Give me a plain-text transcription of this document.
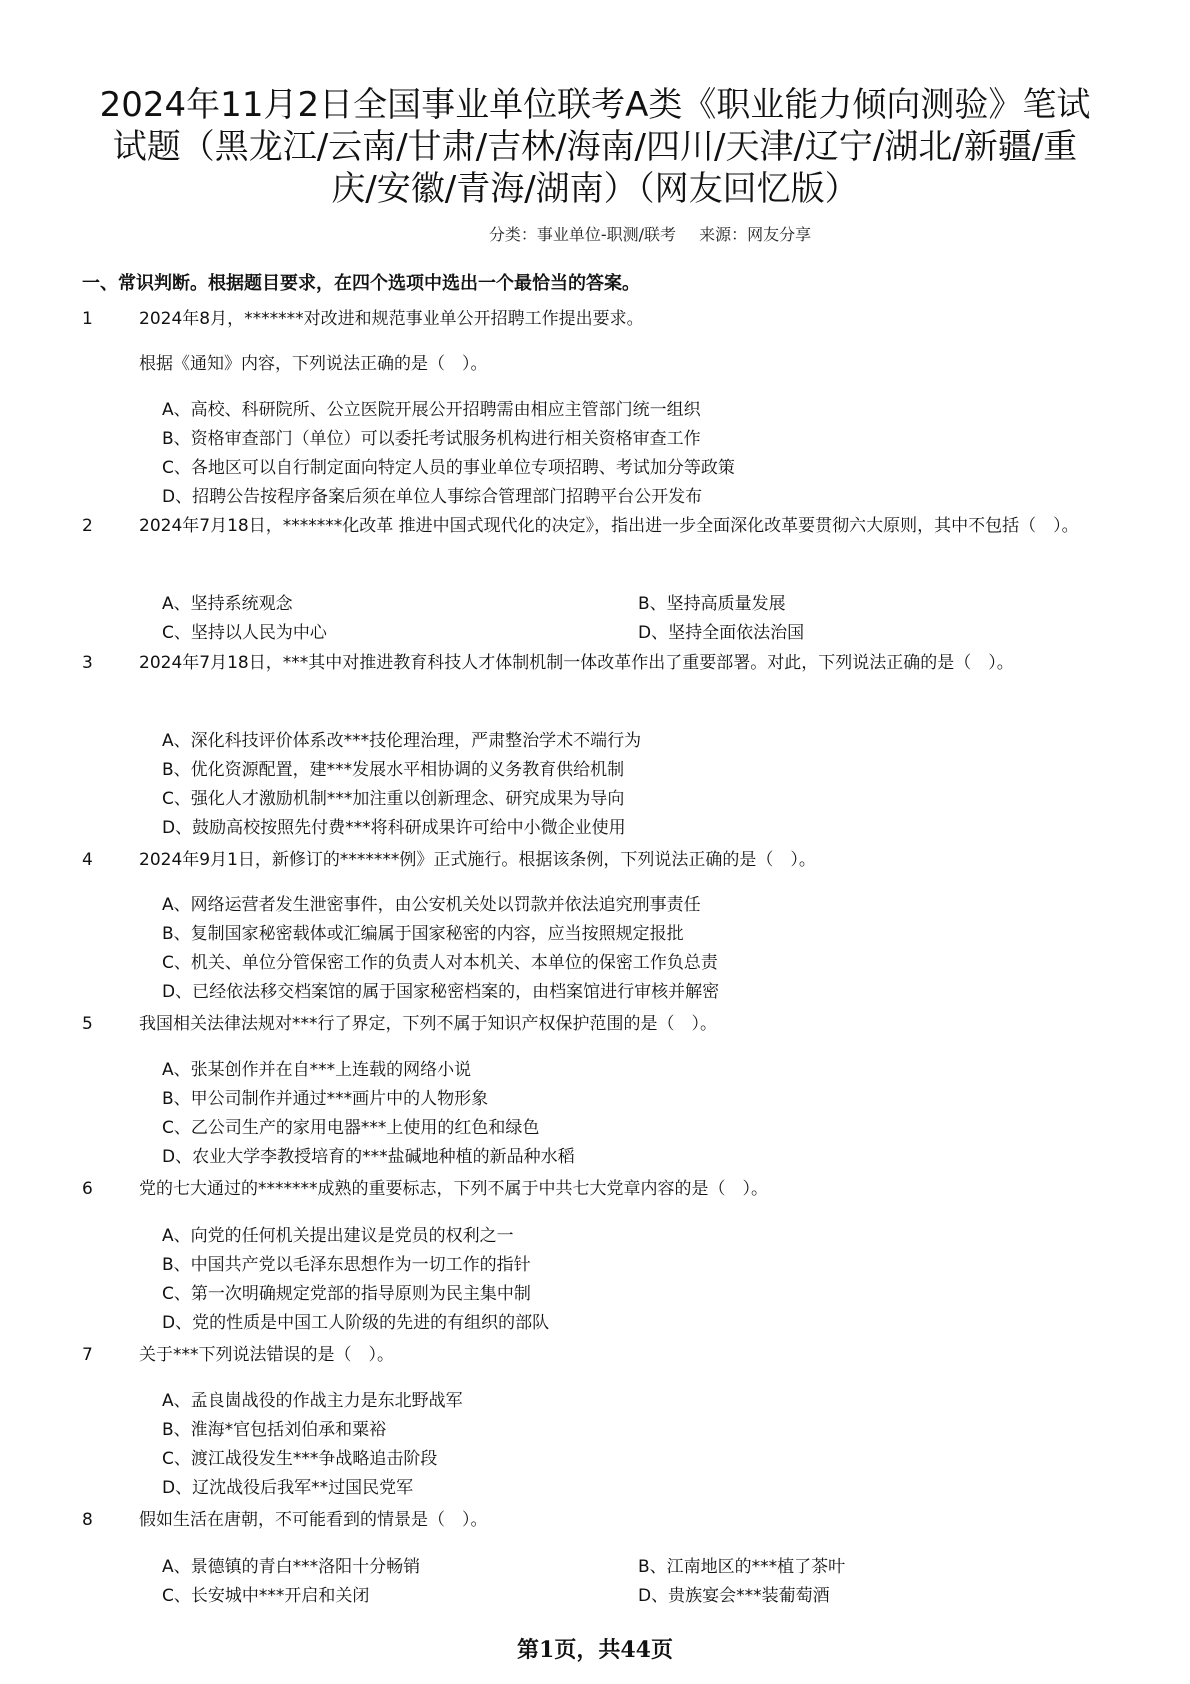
2024年11月2日全国事业单位联考A类《职业能力倾向测验》笔试
试题（黑龙江/云南/甘肃/吉林/海南/四川/天津/辽宁/湖北/新疆/重
庆/安徽/青海/湖南）（网友回忆版）
分类：事业单位-职测/联考 来源：网友分享
一、常识判断。根据题目要求，在四个选项中选出一个最恰当的答案。
1	2024年8月，*******对改进和规范事业单公开招聘工作提出要求。
根据《通知》内容，下列说法正确的是（　）。
A、高校、科研院所、公立医院开展公开招聘需由相应主管部门统一组织
B、资格审查部门（单位）可以委托考试服务机构进行相关资格审查工作
C、各地区可以自行制定面向特定人员的事业单位专项招聘、考试加分等政策
D、招聘公告按程序备案后须在单位人事综合管理部门招聘平台公开发布
2	2024年7月18日，*******化改革 推进中国式现代化的决定》，指出进一步全面深化改革要贯彻六大原则，其中不包括（　）。
A、坚持系统观念	B、坚持高质量发展
C、坚持以人民为中心	D、坚持全面依法治国
3	2024年7月18日，***其中对推进教育科技人才体制机制一体改革作出了重要部署。对此，下列说法正确的是（　）。
A、深化科技评价体系改***技伦理治理，严肃整治学术不端行为
B、优化资源配置，建***发展水平相协调的义务教育供给机制
C、强化人才激励机制***加注重以创新理念、研究成果为导向
D、鼓励高校按照先付费***将科研成果许可给中小微企业使用
4	2024年9月1日，新修订的*******例》正式施行。根据该条例，下列说法正确的是（　）。
A、网络运营者发生泄密事件，由公安机关处以罚款并依法追究刑事责任
B、复制国家秘密载体或汇编属于国家秘密的内容，应当按照规定报批
C、机关、单位分管保密工作的负责人对本机关、本单位的保密工作负总责
D、已经依法移交档案馆的属于国家秘密档案的，由档案馆进行审核并解密
5	我国相关法律法规对***行了界定，下列不属于知识产权保护范围的是（　）。
A、张某创作并在自***上连载的网络小说
B、甲公司制作并通过***画片中的人物形象
C、乙公司生产的家用电器***上使用的红色和绿色
D、农业大学李教授培育的***盐碱地种植的新品种水稻
6	党的七大通过的*******成熟的重要标志，下列不属于中共七大党章内容的是（　）。
A、向党的任何机关提出建议是党员的权利之一
B、中国共产党以毛泽东思想作为一切工作的指针
C、第一次明确规定党部的指导原则为民主集中制
D、党的性质是中国工人阶级的先进的有组织的部队
7	关于***下列说法错误的是（　）。
A、孟良崮战役的作战主力是东北野战军
B、淮海*官包括刘伯承和粟裕
C、渡江战役发生***争战略追击阶段
D、辽沈战役后我军**过国民党军
8	假如生活在唐朝，不可能看到的情景是（　）。
A、景德镇的青白***洛阳十分畅销	B、江南地区的***植了茶叶
C、长安城中***开启和关闭	D、贵族宴会***装葡萄酒
第1页，共44页
